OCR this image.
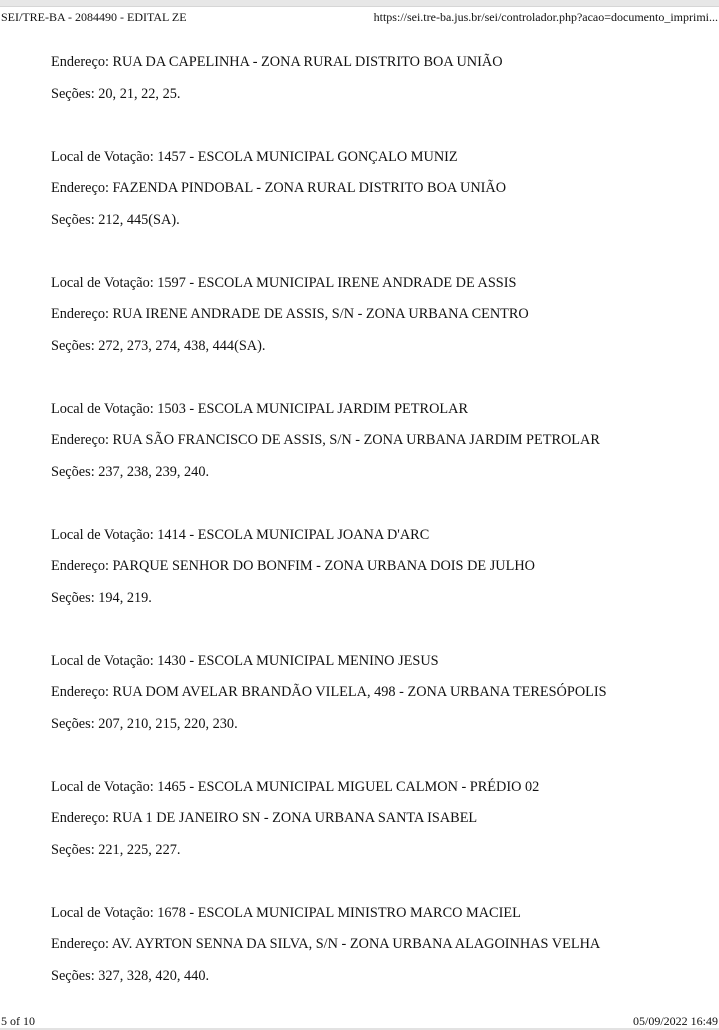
SEI/TRE-BA - 2084490 - EDITAL ZE	https://sei.tre-ba.jus.br/sei/controlador.php?acao=documento_imprimi...
Endereço: RUA DA CAPELINHA - ZONA RURAL DISTRITO BOA UNIÃO
Seções: 20, 21, 22, 25.
Local de Votação: 1457 - ESCOLA MUNICIPAL GONÇALO MUNIZ
Endereço: FAZENDA PINDOBAL - ZONA RURAL DISTRITO BOA UNIÃO
Seções: 212, 445(SA).
Local de Votação: 1597 - ESCOLA MUNICIPAL IRENE ANDRADE DE ASSIS
Endereço: RUA IRENE ANDRADE DE ASSIS, S/N - ZONA URBANA CENTRO
Seções: 272, 273, 274, 438, 444(SA).
Local de Votação: 1503 - ESCOLA MUNICIPAL JARDIM PETROLAR
Endereço: RUA SÃO FRANCISCO DE ASSIS, S/N - ZONA URBANA JARDIM PETROLAR
Seções: 237, 238, 239, 240.
Local de Votação: 1414 - ESCOLA MUNICIPAL JOANA D'ARC
Endereço: PARQUE SENHOR DO BONFIM - ZONA URBANA DOIS DE JULHO
Seções: 194, 219.
Local de Votação: 1430 - ESCOLA MUNICIPAL MENINO JESUS
Endereço: RUA DOM AVELAR BRANDÃO VILELA, 498 - ZONA URBANA TERESÓPOLIS
Seções: 207, 210, 215, 220, 230.
Local de Votação: 1465 - ESCOLA MUNICIPAL MIGUEL CALMON - PRÉDIO 02
Endereço: RUA 1 DE JANEIRO SN - ZONA URBANA SANTA ISABEL
Seções: 221, 225, 227.
Local de Votação: 1678 - ESCOLA MUNICIPAL MINISTRO MARCO MACIEL
Endereço: AV. AYRTON SENNA DA SILVA, S/N - ZONA URBANA ALAGOINHAS VELHA
Seções: 327, 328, 420, 440.
5 of 10	05/09/2022 16:49
